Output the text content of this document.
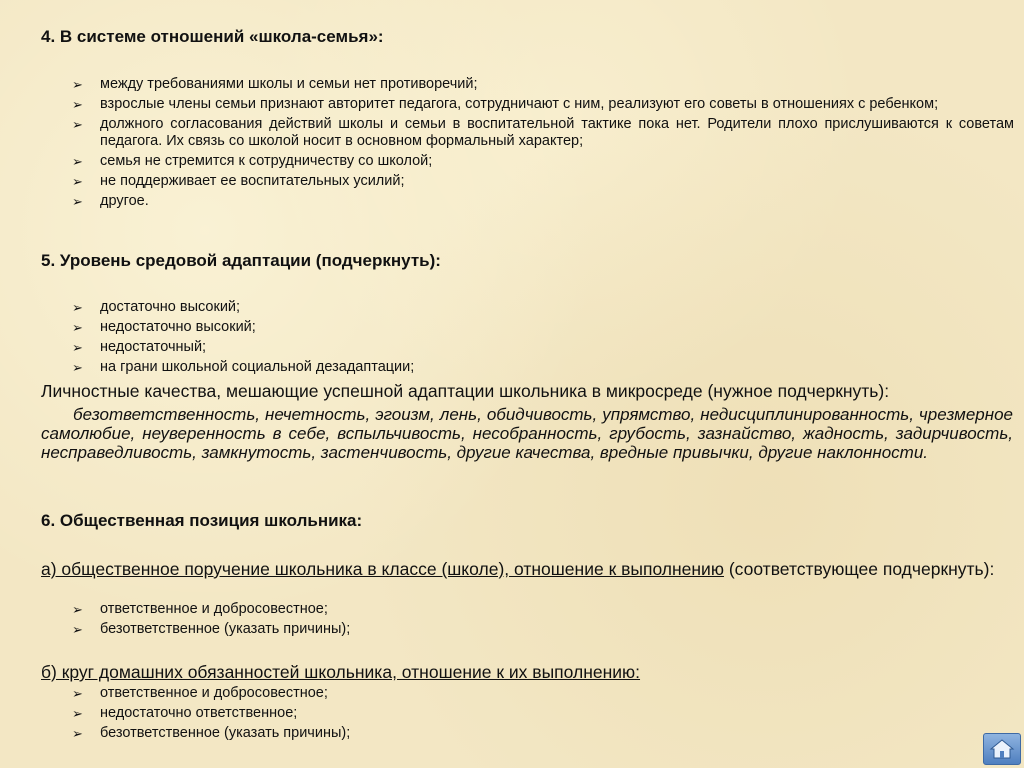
4. В системе отношений «школа-семья»:
➢ между требованиями школы и семьи нет противоречий;
➢ взрослые члены семьи признают авторитет педагога, сотрудничают с ним, реализуют его советы в отношениях с ребенком;
➢ должного согласования действий школы и семьи в воспитательной тактике пока нет. Родители плохо прислушиваются к советам педагога. Их связь со школой носит в основном формальный характер;
➢ семья не стремится к сотрудничеству со школой;
➢ не поддерживает ее воспитательных усилий;
➢ другое.
5. Уровень средовой адаптации (подчеркнуть):
➢ достаточно высокий;
➢ недостаточно высокий;
➢ недостаточный;
➢ на грани школьной социальной дезадаптации;

Личностные качества, мешающие успешной адаптации школьника в микросреде (нужное подчеркнуть):

безответственность, нечетность, эгоизм, лень, обидчивость, упрямство, недисциплинированность, чрезмерное самолюбие, неуверенность в себе, вспыльчивость, несобранность, грубость, зазнайство, жадность, задирчивость, несправедливость, замкнутость, застенчивость, другие качества, вредные привычки, другие наклонности.

6. Общественная позиция школьника:

а) общественное поручение школьника в классе (школе), отношение к выполнению (соответствующее подчеркнуть):

➢ ответственное и добросовестное;
➢ безответственное (указать причины);

б) круг домашних обязанностей школьника, отношение к их выполнению:

➢ ответственное и добросовестное;
➢ недостаточно ответственное;
➢ безответственное (указать причины);
